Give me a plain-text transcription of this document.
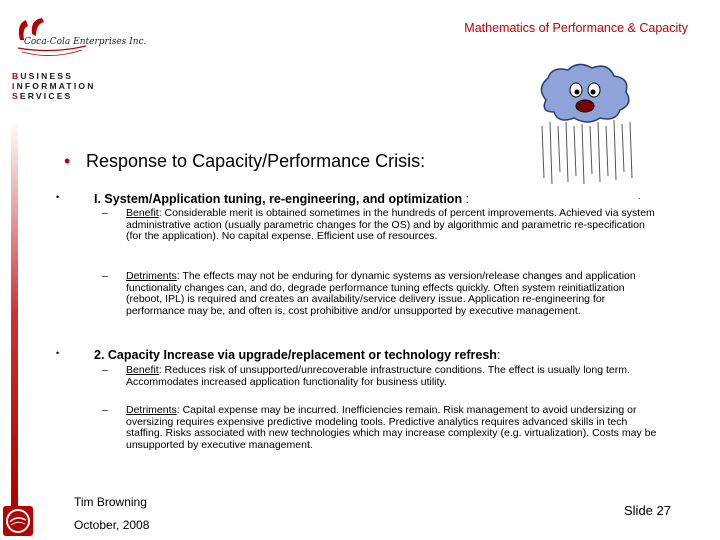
Mathematics of Performance & Capacity
Coca-Cola Enterprises Inc.
BUSINESS
INFORMATION
SERVICES
• Response to Capacity/Performance Crisis:
•	I. System/Application tuning, re-engineering, and optimization :	.
– Benefit: Considerable merit is obtained sometimes in the hundreds of percent improvements. Achieved via system administrative action (usually parametric changes for the OS) and by algorithmic and parametric re-specification (for the application). No capital expense. Efficient use of resources.
– Detriments: The effects may not be enduring for dynamic systems as version/release changes and application functionality changes can, and do, degrade performance tuning effects quickly. Often system reinitiatlization (reboot, IPL) is required and creates an availability/service delivery issue. Application re-engineering for performance may be, and often is, cost prohibitive and/or unsupported by executive management.
•	2. Capacity Increase via upgrade/replacement or technology refresh:
– Benefit: Reduces risk of unsupported/unrecoverable infrastructure conditions. The effect is usually long term. Accommodates increased application functionality for business utility.
– Detriments: Capital expense may be incurred. Inefficiencies remain. Risk management to avoid undersizing or oversizing requires expensive predictive modeling tools. Predictive analytics requires advanced skills in tech staffing. Risks associated with new technologies which may increase complexity (e.g. virtualization). Costs may be unsupported by executive management.
Tim Browning
October, 2008
Slide 27
